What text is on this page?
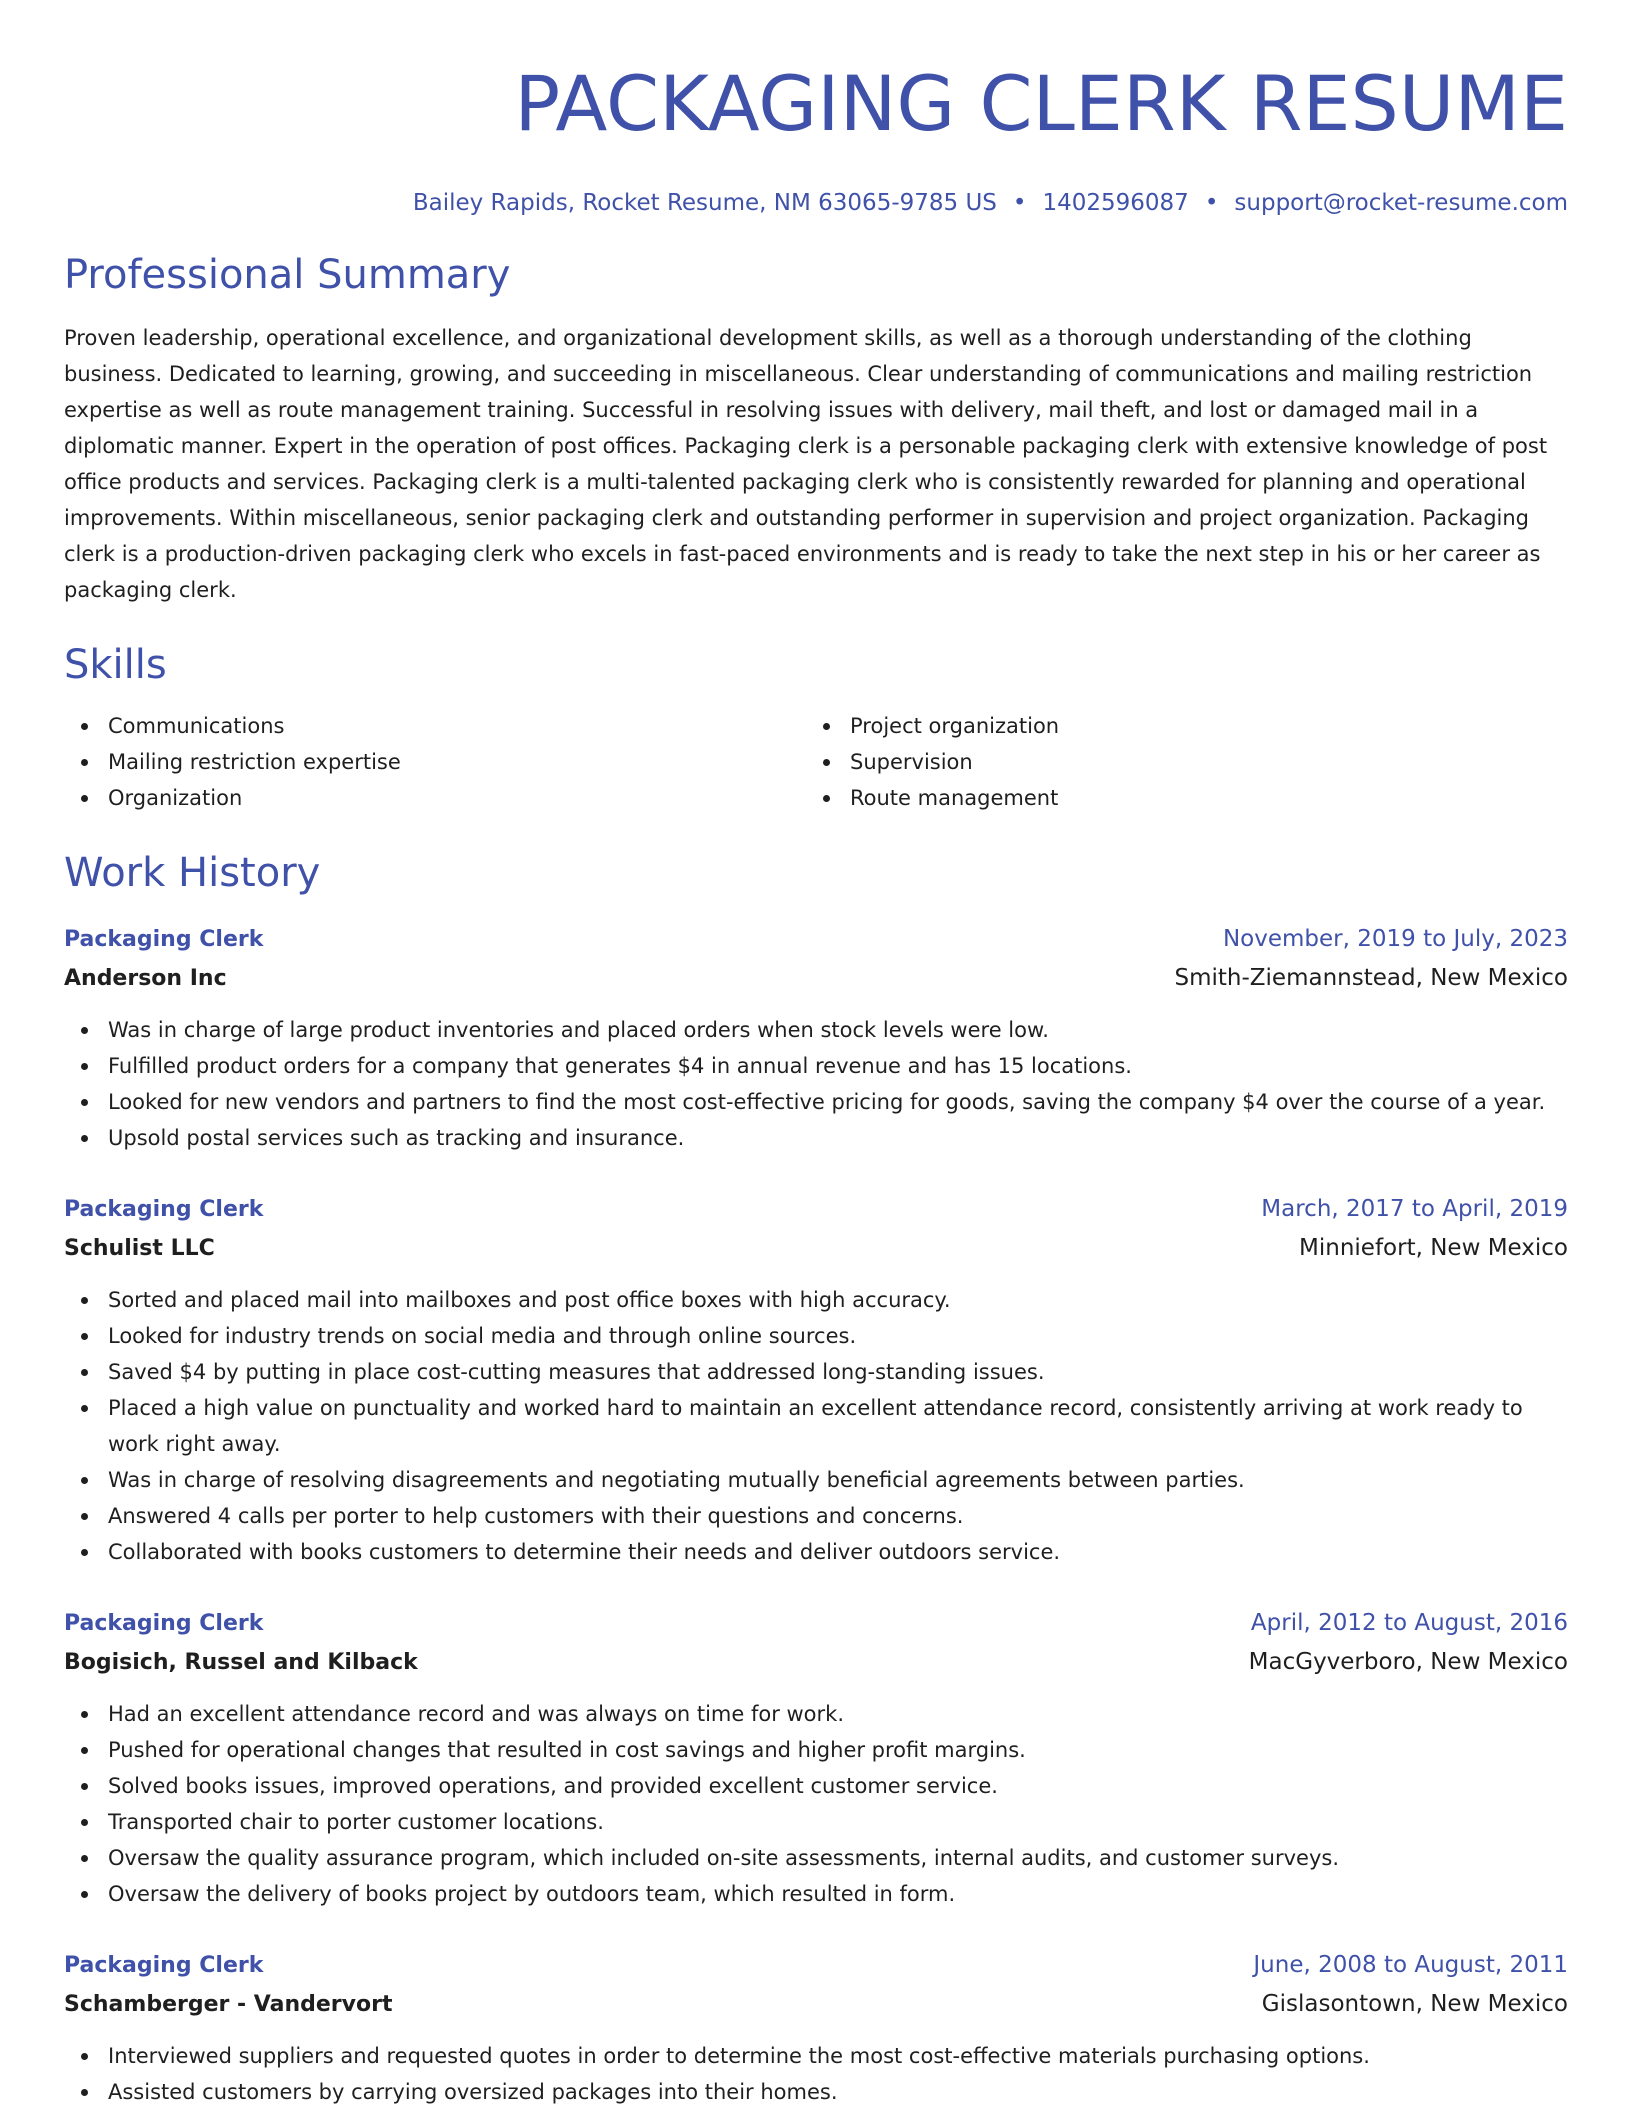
PACKAGING CLERK RESUME
Bailey Rapids, Rocket Resume, NM 63065-9785 US • 1402596087 • support@rocket-resume.com
Professional Summary

Proven leadership, operational excellence, and organizational development skills, as well as a thorough understanding of the clothing business. Dedicated to learning, growing, and succeeding in miscellaneous. Clear understanding of communications and mailing restriction expertise as well as route management training. Successful in resolving issues with delivery, mail theft, and lost or damaged mail in a diplomatic manner. Expert in the operation of post offices. Packaging clerk is a personable packaging clerk with extensive knowledge of post office products and services. Packaging clerk is a multi-talented packaging clerk who is consistently rewarded for planning and operational improvements. Within miscellaneous, senior packaging clerk and outstanding performer in supervision and project organization. Packaging clerk is a production-driven packaging clerk who excels in fast-paced environments and is ready to take the next step in his or her career as packaging clerk.

Skills
Communications
Mailing restriction expertise
Organization
Project organization
Supervision
Route management
Work History
Packaging Clerk	November, 2019 to July, 2023
Anderson Inc	Smith-Ziemannstead, New Mexico
Was in charge of large product inventories and placed orders when stock levels were low.
Fulfilled product orders for a company that generates $4 in annual revenue and has 15 locations.
Looked for new vendors and partners to find the most cost-effective pricing for goods, saving the company $4 over the course of a year.
Upsold postal services such as tracking and insurance.
Packaging Clerk	March, 2017 to April, 2019
Schulist LLC	Minniefort, New Mexico
Sorted and placed mail into mailboxes and post office boxes with high accuracy.
Looked for industry trends on social media and through online sources.
Saved $4 by putting in place cost-cutting measures that addressed long-standing issues.
Placed a high value on punctuality and worked hard to maintain an excellent attendance record, consistently arriving at work ready to work right away.
Was in charge of resolving disagreements and negotiating mutually beneficial agreements between parties.
Answered 4 calls per porter to help customers with their questions and concerns.
Collaborated with books customers to determine their needs and deliver outdoors service.
Packaging Clerk	April, 2012 to August, 2016
Bogisich, Russel and Kilback	MacGyverboro, New Mexico
Had an excellent attendance record and was always on time for work.
Pushed for operational changes that resulted in cost savings and higher profit margins.
Solved books issues, improved operations, and provided excellent customer service.
Transported chair to porter customer locations.
Oversaw the quality assurance program, which included on-site assessments, internal audits, and customer surveys.
Oversaw the delivery of books project by outdoors team, which resulted in form.
Packaging Clerk	June, 2008 to August, 2011
Schamberger - Vandervort	Gislasontown, New Mexico
Interviewed suppliers and requested quotes in order to determine the most cost-effective materials purchasing options.
Assisted customers by carrying oversized packages into their homes.
